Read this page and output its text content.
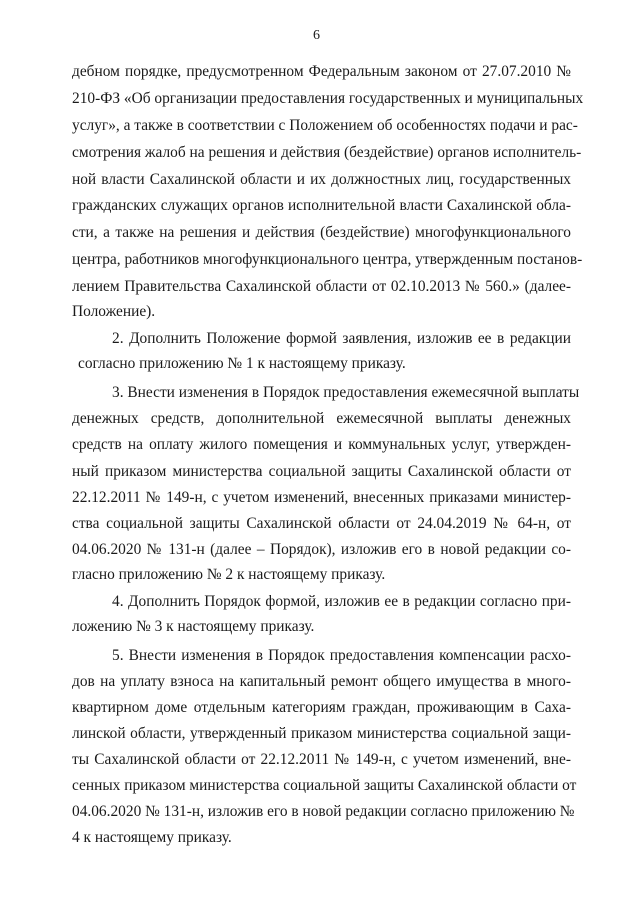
6
дебном порядке, предусмотренном Федеральным законом от 27.07.2010 №
210-ФЗ «Об организации предоставления государственных и муниципальных
услуг», а также в соответствии с Положением об особенностях подачи и рас-
смотрения жалоб на решения и действия (бездействие) органов исполнитель-
ной власти Сахалинской области и их должностных лиц, государственных
гражданских служащих органов исполнительной власти Сахалинской обла-
сти, а также на решения и действия (бездействие) многофункционального
центра, работников многофункционального центра, утвержденным постанов-
лением Правительства Сахалинской области от 02.10.2013 № 560.» (далее-
Положение).
2. Дополнить Положение формой заявления, изложив ее в редакции
согласно приложению № 1 к настоящему приказу.
3. Внести изменения в Порядок предоставления ежемесячной выплаты
денежных средств, дополнительной ежемесячной выплаты денежных
средств на оплату жилого помещения и коммунальных услуг, утвержден-
ный приказом министерства социальной защиты Сахалинской области от
22.12.2011 № 149-н, с учетом изменений, внесенных приказами министер-
ства социальной защиты Сахалинской области от 24.04.2019 № 64-н, от
04.06.2020 № 131-н (далее – Порядок), изложив его в новой редакции со-
гласно приложению № 2 к настоящему приказу.
4. Дополнить Порядок формой, изложив ее в редакции согласно при-
ложению № 3 к настоящему приказу.
5. Внести изменения в Порядок предоставления компенсации расхо-
дов на уплату взноса на капитальный ремонт общего имущества в много-
квартирном доме отдельным категориям граждан, проживающим в Саха-
линской области, утвержденный приказом министерства социальной защи-
ты Сахалинской области от 22.12.2011 № 149-н, с учетом изменений, вне-
сенных приказом министерства социальной защиты Сахалинской области от
04.06.2020 № 131-н, изложив его в новой редакции согласно приложению №
4 к настоящему приказу.
